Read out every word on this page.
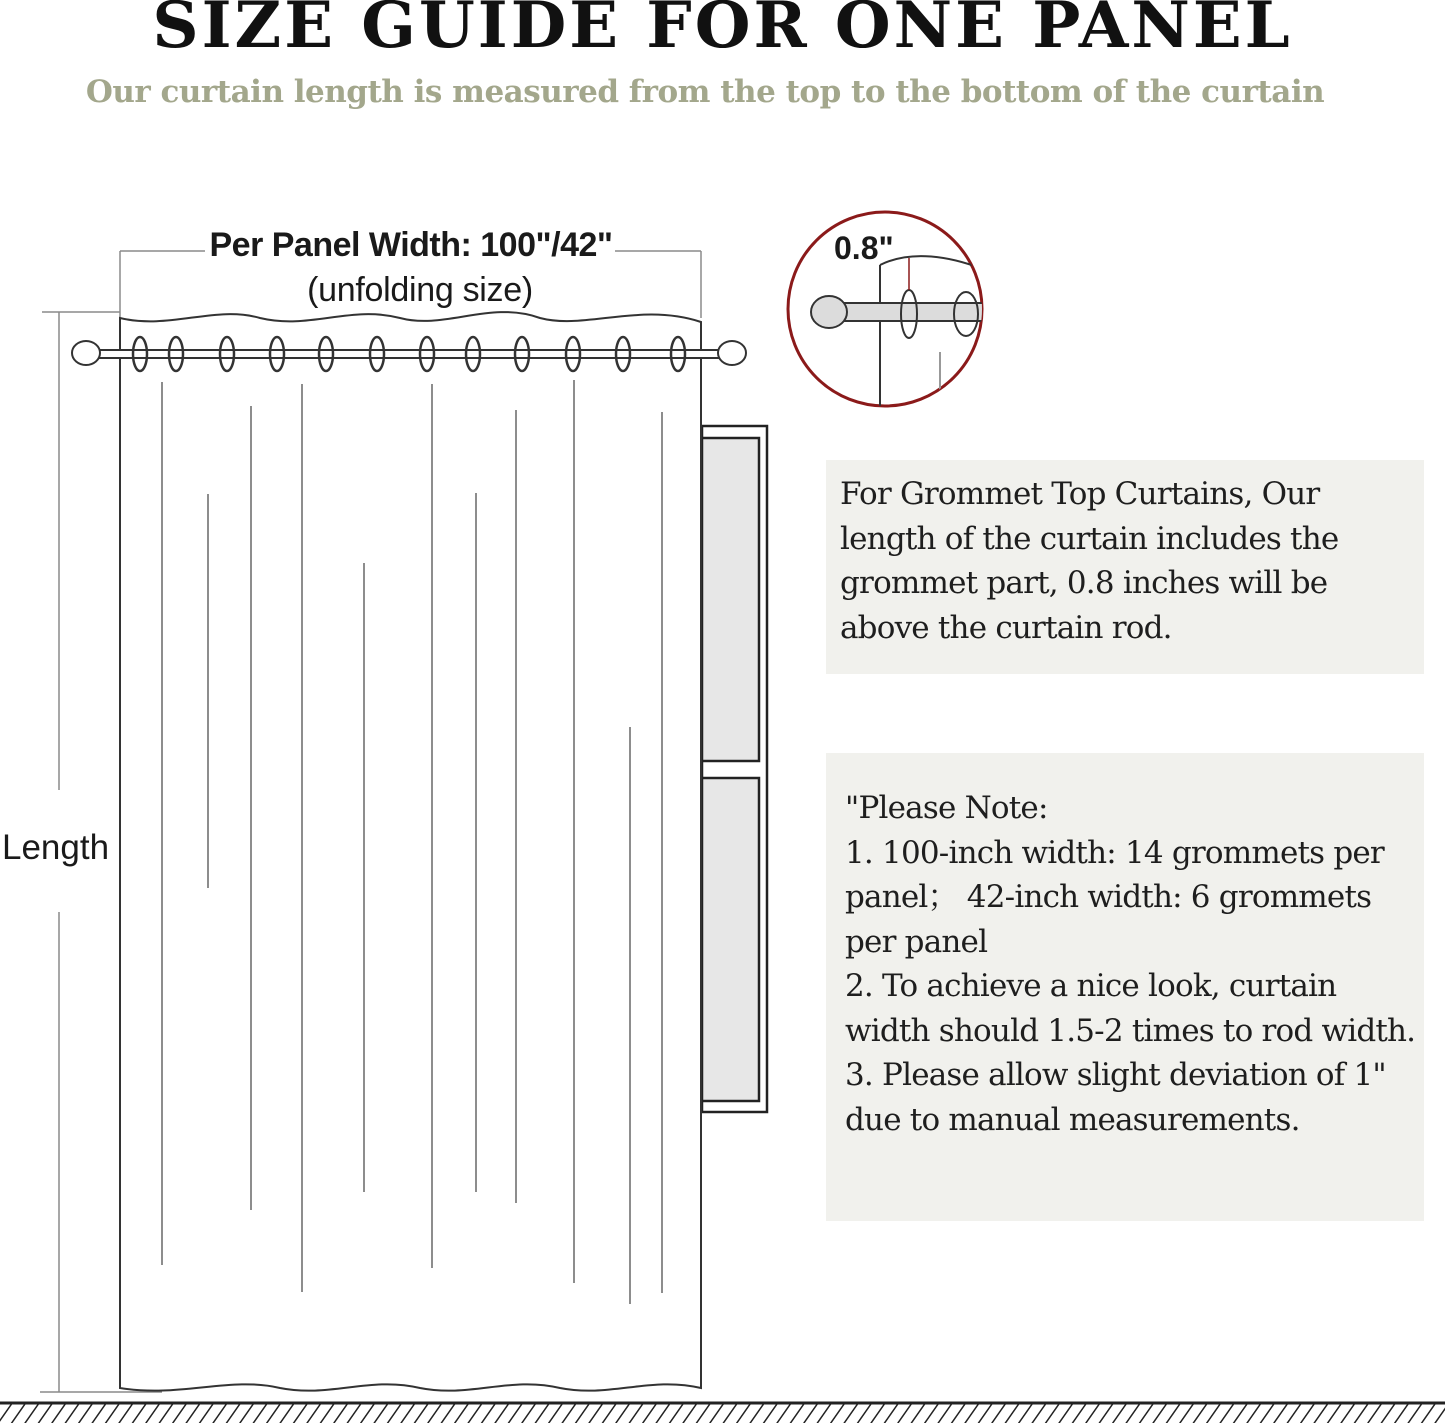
SIZE GUIDE FOR ONE PANEL
Our curtain length is measured from the top to the bottom of the curtain
Per Panel Width: 100"/42"
(unfolding size)
Length
0.8"

For Grommet Top Curtains, Our length of the curtain includes the grommet part, 0.8 inches will be above the curtain rod.

"Please Note:

1. 100-inch width: 14 grommets per panel； 42-inch width: 6 grommets per panel

2. To achieve a nice look, curtain width should 1.5-2 times to rod width.

3. Please allow slight deviation of 1" due to manual measurements.
